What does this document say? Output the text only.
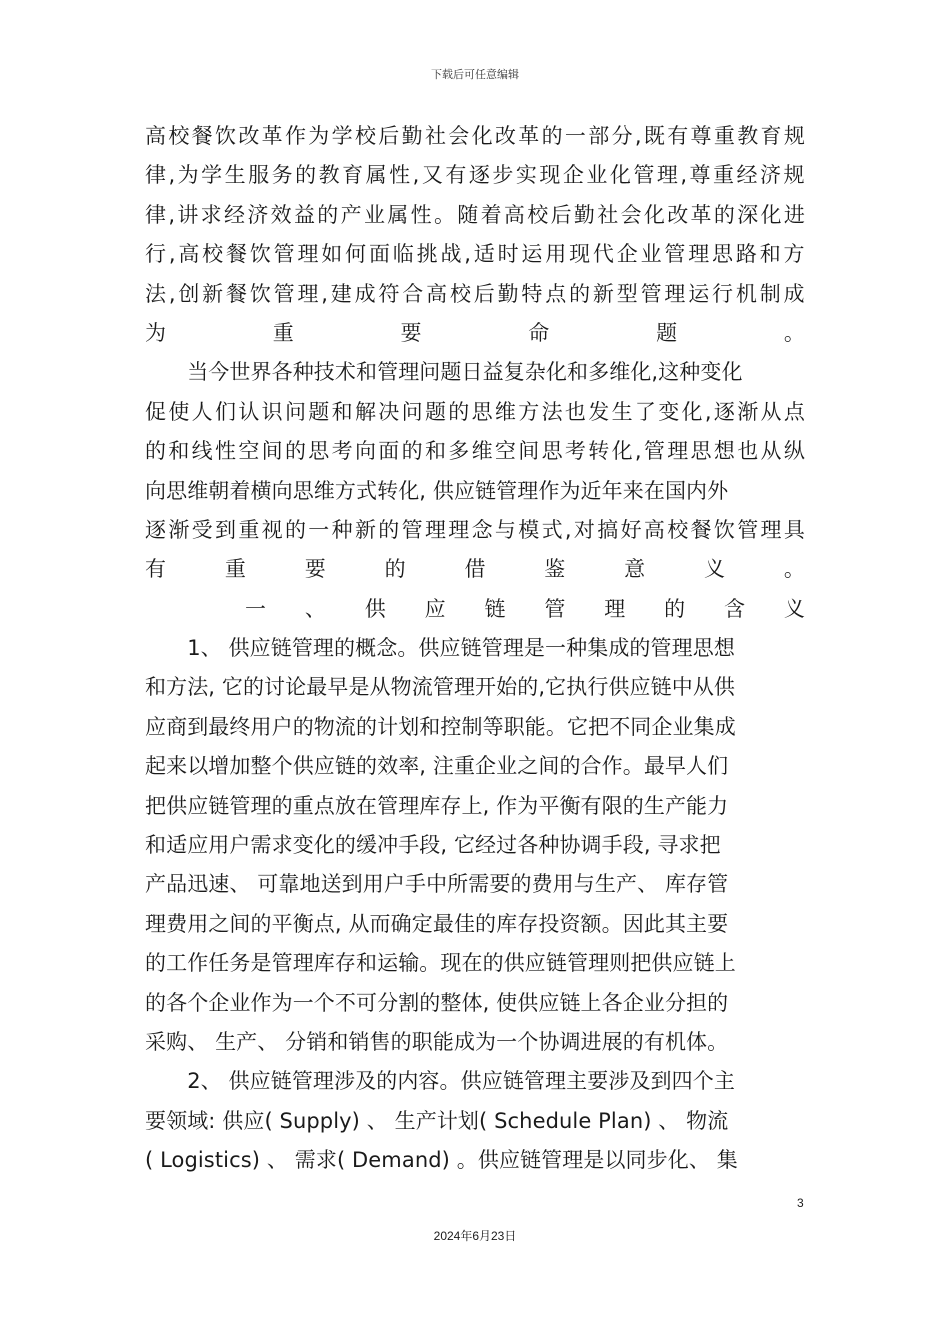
下载后可任意编辑
高 校 餐 饮 改 革 作 为 学 校 后 勤 社 会 化 改 革 的 一 部 分 , 既 有 尊 重 教 育 规
律 , 为 学 生 服 务 的 教 育 属 性 , 又 有 逐 步 实 现 企 业 化 管 理 , 尊 重 经 济 规
律 , 讲 求 经 济 效 益 的 产 业 属 性 。 随 着 高 校 后 勤 社 会 化 改 革 的 深 化 进
行 , 高 校 餐 饮 管 理 如 何 面 临 挑 战 , 适 时 运 用 现 代 企 业 管 理 思 路 和 方
法 , 创 新 餐 饮 管 理 , 建 成 符 合 高 校 后 勤 特 点 的 新 型 管 理 运 行 机 制 成
为	重	要	命	题	。
　　当今世界各种技术和管理问题日益复杂化和多维化,这种变化
促 使 人 们 认 识 问 题 和 解 决 问 题 的 思 维 方 法 也 发 生 了 变 化 , 逐 渐 从 点
的 和 线 性 空 间 的 思 考 向 面 的 和 多 维 空 间 思 考 转 化 , 管 理 思 想 也 从 纵
向思维朝着横向思维方式转化, 供应链管理作为近年来在国内外
逐 渐 受 到 重 视 的 一 种 新 的 管 理 理 念 与 模 式 , 对 搞 好 高 校 餐 饮 管 理 具
有	重	要	的	借	鉴	意	义	。
一 、 供 应 链 管 理 的 含 义
　　1、 供应链管理的概念。供应链管理是一种集成的管理思想
和方法, 它的讨论最早是从物流管理开始的,它执行供应链中从供
应商到最终用户的物流的计划和控制等职能。它把不同企业集成
起来以增加整个供应链的效率, 注重企业之间的合作。最早人们
把供应链管理的重点放在管理库存上, 作为平衡有限的生产能力
和适应用户需求变化的缓冲手段, 它经过各种协调手段, 寻求把
产品迅速、 可靠地送到用户手中所需要的费用与生产、 库存管
理费用之间的平衡点, 从而确定最佳的库存投资额。因此其主要
的工作任务是管理库存和运输。现在的供应链管理则把供应链上
的各个企业作为一个不可分割的整体, 使供应链上各企业分担的
采购、 生产、 分销和销售的职能成为一个协调进展的有机体。
　　2、 供应链管理涉及的内容。供应链管理主要涉及到四个主
要领域: 供应( Supply) 、 生产计划( Schedule Plan) 、 物流
( Logistics) 、 需求( Demand) 。供应链管理是以同步化、 集
3
2024年6月23日
